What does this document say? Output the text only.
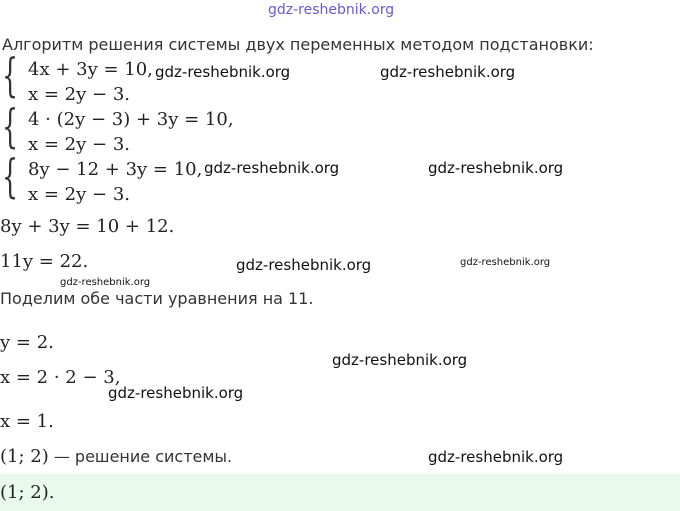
gdz-reshebnik.org
Алгоритм решения системы двух переменных методом подстановки:
{ 4x + 3y = 10,
x = 2y − 3.
{ 4 · (2y − 3) + 3y = 10,
x = 2y − 3.
{ 8y − 12 + 3y = 10,
x = 2y − 3.
8y + 3y = 10 + 12.
11y = 22.
Поделим обе части уравнения на 11.
y = 2.
x = 2 · 2 − 3,
x = 1.
(1; 2) — решение системы.
(1; 2).
gdz-reshebnik.org	gdz-reshebnik.org
gdz-reshebnik.org	gdz-reshebnik.org
gdz-reshebnik.org	gdz-reshebnik.org
gdz-reshebnik.org
gdz-reshebnik.org
gdz-reshebnik.org
gdz-reshebnik.org
